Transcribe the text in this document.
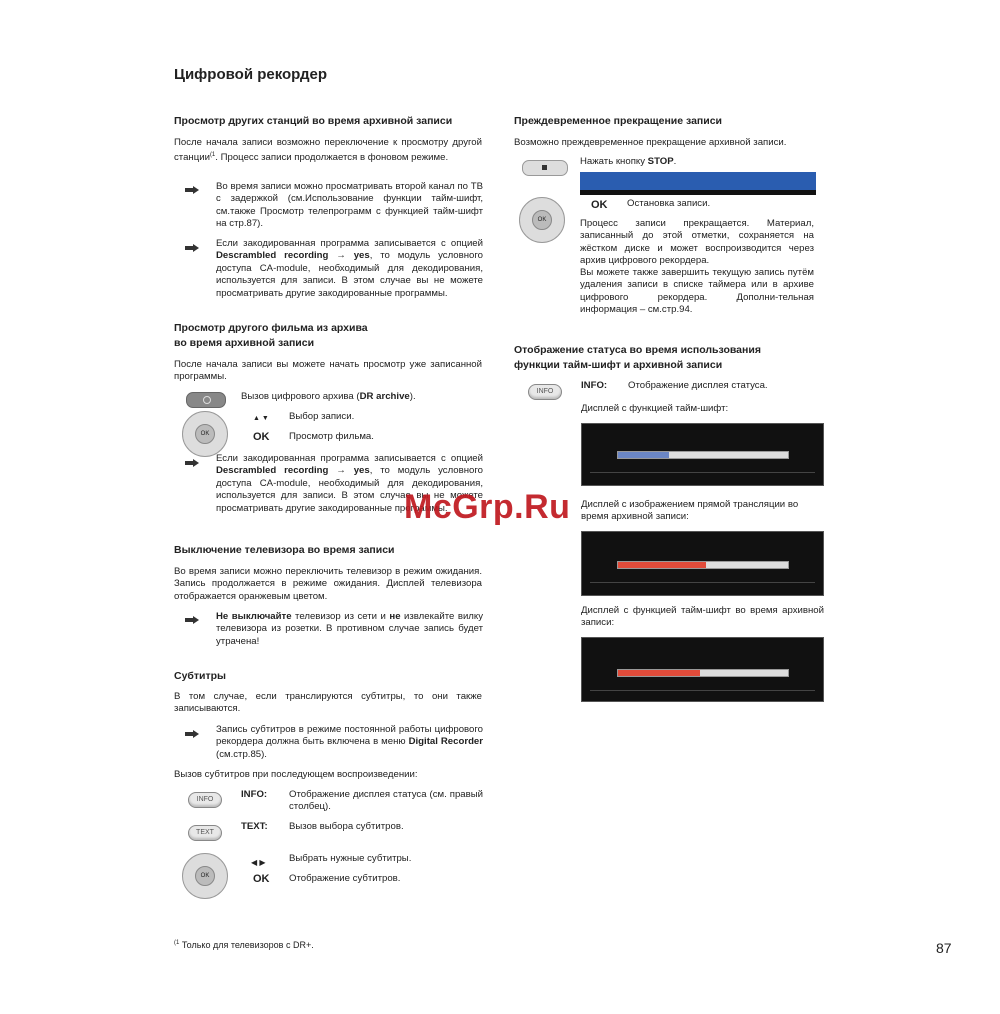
Цифровой рекордер
Просмотр других станций во время архивной записи
После начала записи возможно переключение к просмотру другой станции$^{(1}$. Процесс записи продолжается в фоновом режиме.
Во время записи можно просматривать второй канал по ТВ с задержкой (см.Использование функции тайм-шифт, см.также Просмотр телепрограмм с функцией тайм-шифт на стр.87).
Если закодированная программа записывается с опцией Descrambled recording → yes, то модуль условного доступа CA-module, необходимый для декодирования, используется для записи. В этом случае вы не можете просматривать другие закодированные программы.
Просмотр другого фильма из архива
во время архивной записи
После начала записи вы можете начать просмотр уже записанной программы.
Вызов цифрового архива (DR archive).
OK
▲ ▼ Выбор записи.
OK Просмотр фильма.
Если закодированная программа записывается с опцией Descrambled recording → yes, то модуль условного доступа CA-module, необходимый для декодирования, используется для записи. В этом случае вы не можете просматривать другие закодированные программы.
Выключение телевизора во время записи
Во время записи можно переключить телевизор в режим ожидания. Запись продолжается в режиме ожидания. Дисплей телевизора отображается оранжевым цветом.
Не выключайте телевизор из сети и не извлекайте вилку телевизора из розетки. В противном случае запись будет утрачена!
Субтитры
В том случае, если транслируются субтитры, то они также записываются.
Запись субтитров в режиме постоянной работы цифрового рекордера должна быть включена в меню Digital Recorder (см.стр.85).
Вызов субтитров при последующем воспроизведении:
INFO	INFO: Отображение дисплея статуса (см. правый столбец).
TEXT
TEXT: Вызов выбора субтитров.
OK
◀ ▶ Выбрать нужные субтитры.
OK Отображение субтитров.
Преждевременное прекращение записи
Возможно преждевременное прекращение архивной записи.
Нажать кнопку STOP.
OK
OK Остановка записи.
Процесс записи прекращается. Материал, записанный до этой отметки, сохраняется на жёстком диске и может воспроизводится через архив цифрового рекордера.
Вы можете также завершить текущую запись путём удаления записи в списке таймера или в архиве цифрового рекордера. Дополни-тельная информация – см.стр.94.
Отображение статуса во время использования
функции тайм-шифт и архивной записи
INFO
INFO: Отображение дисплея статуса.
Дисплей с функцией тайм-шифт:
Дисплей с изображением прямой трансляции во время архивной записи:
Дисплей с функцией тайм-шифт во время архивной записи:
McGrp.Ru
$^{(1}$ Только для телевизоров с DR+.	87
